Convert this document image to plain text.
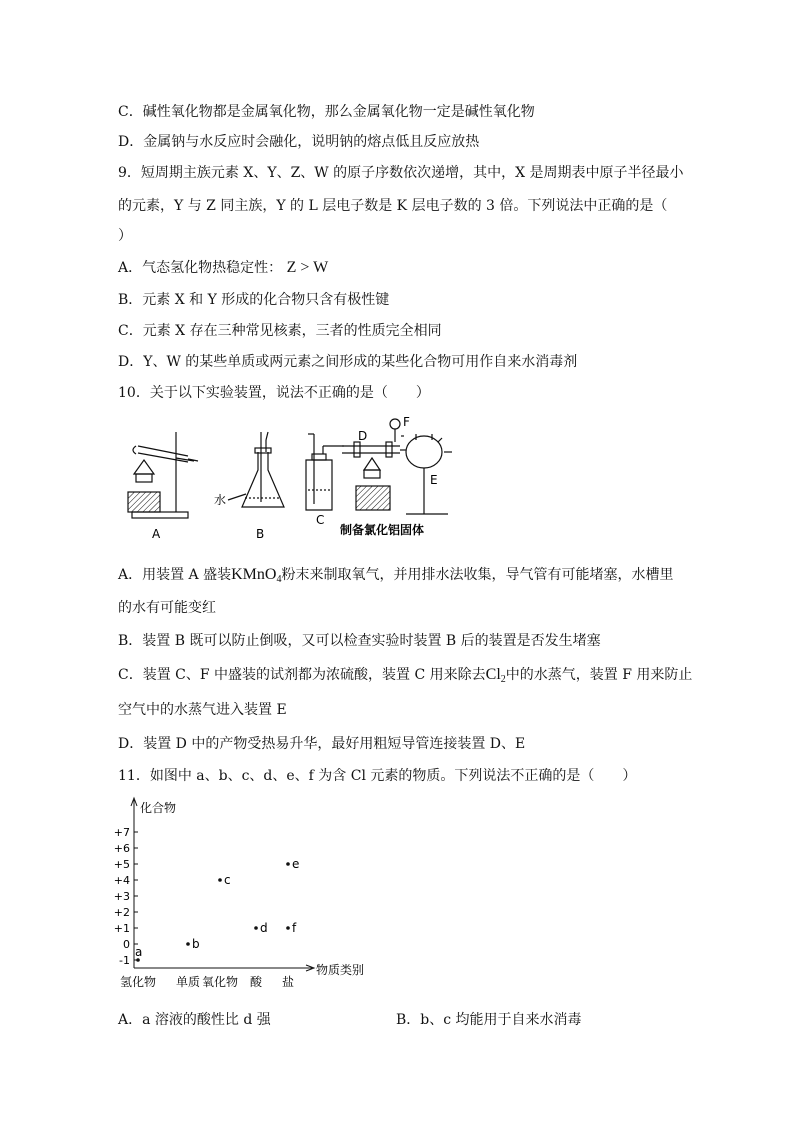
C．碱性氧化物都是金属氧化物，那么金属氧化物一定是碱性氧化物
D．金属钠与水反应时会融化，说明钠的熔点低且反应放热
9．短周期主族元素 X、Y、Z、W 的原子序数依次递增，其中，X 是周期表中原子半径最小
的元素，Y 与 Z 同主族，Y 的 L 层电子数是 K 层电子数的 3 倍。下列说法中正确的是（
）
A．气态氢化物热稳定性： Z > W
B．元素 X 和 Y 形成的化合物只含有极性键
C．元素 X 存在三种常见核素，三者的性质完全相同
D．Y、W 的某些单质或两元素之间形成的某些化合物可用作自来水消毒剂
10．关于以下实验装置，说法不正确的是（　　）
A	B
C
D
E
F
水
制备氯化铝固体
A．用装置 A 盛装KMnO$_4$粉末来制取氧气，并用排水法收集，导气管有可能堵塞，水槽里
的水有可能变红
B．装置 B 既可以防止倒吸，又可以检查实验时装置 B 后的装置是否发生堵塞
C．装置 C、F 中盛装的试剂都为浓硫酸，装置 C 用来除去$Cl_2$中的水蒸气，装置 F 用来防止
空气中的水蒸气进入装置 E
D．装置 D 中的产物受热易升华，最好用粗短导管连接装置 D、E
11．如图中 a、b、c、d、e、f 为含 Cl 元素的物质。下列说法不正确的是（　　）
化合物
物质类别
+7
+6
+5
+4
+3
+2
+1
0
-1
氢化物 单质 氧化物 酸 盐
a
b
c
d
e
f
A．a 溶液的酸性比 d 强	B．b、c 均能用于自来水消毒
